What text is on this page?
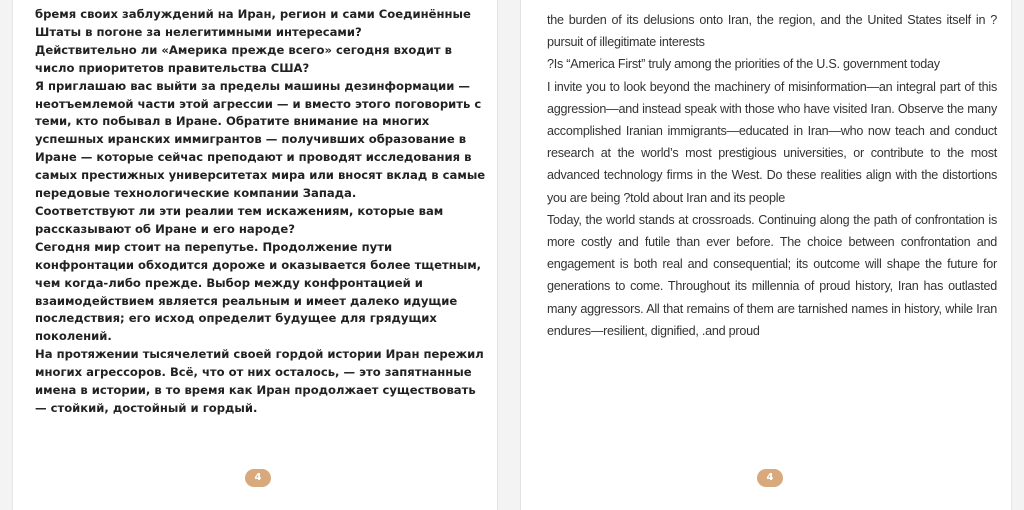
бремя своих заблуждений на Иран, регион и сами Соединённые Штаты в погоне за нелегитимными интересами?

Действительно ли «Америка прежде всего» сегодня входит в число приоритетов правительства США?

Я приглашаю вас выйти за пределы машины дезинформации — неотъемлемой части этой агрессии — и вместо этого поговорить с теми, кто побывал в Иране. Обратите внимание на многих успешных иранских иммигрантов — получивших образование в Иране — которые сейчас преподают и проводят исследования в самых престижных университетах мира или вносят вклад в самые передовые технологические компании Запада.

Соответствуют ли эти реалии тем искажениям, которые вам рассказывают об Иране и его народе?

Сегодня мир стоит на перепутье. Продолжение пути конфронтации обходится дороже и оказывается более тщетным, чем когда-либо прежде. Выбор между конфронтацией и взаимодействием является реальным и имеет далеко идущие последствия; его исход определит будущее для грядущих поколений.

На протяжении тысячелетий своей гордой истории Иран пережил многих агрессоров. Всё, что от них осталось, — это запятнанные имена в истории, в то время как Иран продолжает существовать — стойкий, достойный и гордый.

4

the burden of its delusions onto Iran, the region, and the United States itself in ?pursuit of illegitimate interests

?Is “America First” truly among the priorities of the U.S. government today

I invite you to look beyond the machinery of misinformation—an integral part of this aggression—and instead speak with those who have visited Iran. Observe the many accomplished Iranian immigrants—educated in Iran—who now teach and conduct research at the world’s most prestigious universities, or contribute to the most advanced technology firms in the West. Do these realities align with the distortions you are being ?told about Iran and its people

Today, the world stands at crossroads. Continuing along the path of confrontation is more costly and futile than ever before. The choice between confrontation and engagement is both real and consequential; its outcome will shape the future for generations to come. Throughout its millennia of proud history, Iran has outlasted many aggressors. All that remains of them are tarnished names in history, while Iran endures—resilient, dignified, .and proud

4
